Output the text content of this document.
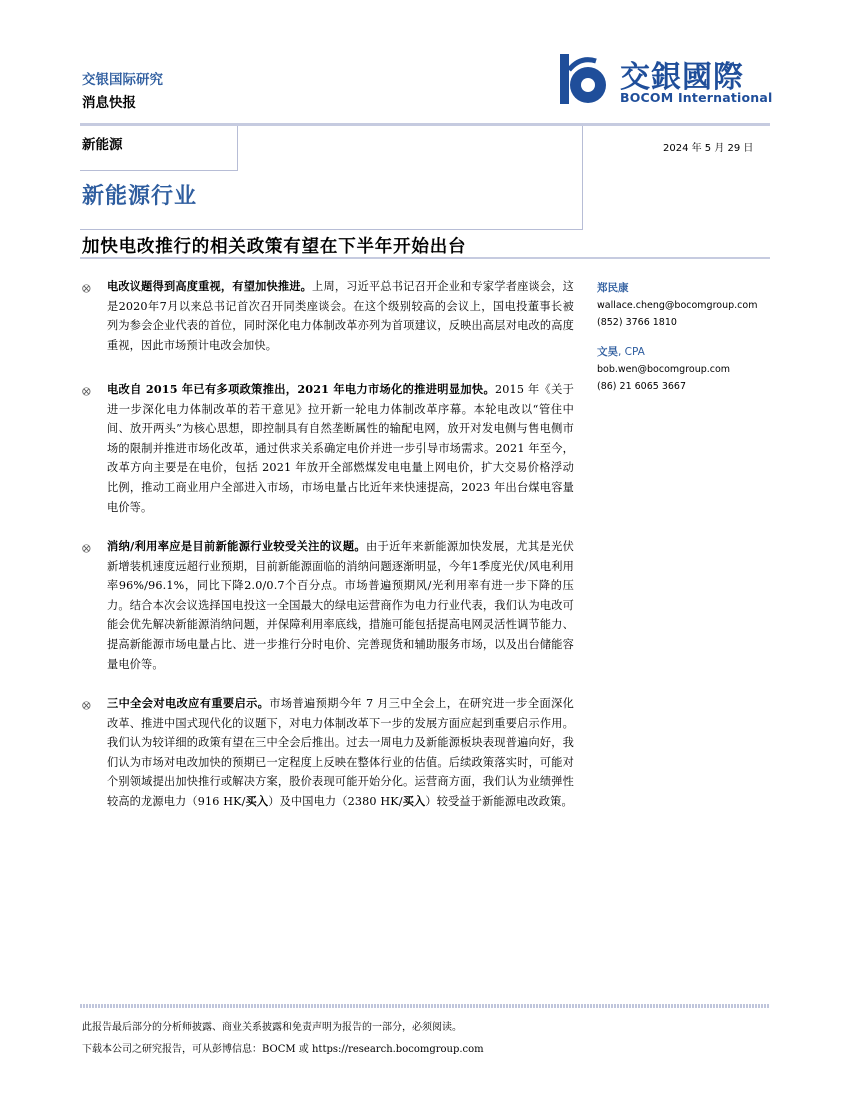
交银国际研究
消息快报
交銀國際
BOCOM International
新能源	2024 年 5 月 29 日
新能源行业
加快电改推行的相关政策有望在下半年开始出台
⭙ 电改议题得到高度重视，有望加快推进。上周，习近平总书记召开企业和专家学者座谈会，这是2020年7月以来总书记首次召开同类座谈会。在这个级别较高的会议上，国电投董事长被列为参会企业代表的首位，同时深化电力体制改革亦列为首项建议，反映出高层对电改的高度重视，因此市场预计电改会加快。
⭙ 电改自 2015 年已有多项政策推出，2021 年电力市场化的推进明显加快。2015 年《关于进一步深化电力体制改革的若干意见》拉开新一轮电力体制改革序幕。本轮电改以“管住中间、放开两头”为核心思想，即控制具有自然垄断属性的输配电网，放开对发电侧与售电侧市场的限制并推进市场化改革，通过供求关系确定电价并进一步引导市场需求。2021 年至今，改革方向主要是在电价，包括 2021 年放开全部燃煤发电电量上网电价，扩大交易价格浮动比例，推动工商业用户全部进入市场，市场电量占比近年来快速提高，2023 年出台煤电容量电价等。
⭙ 消纳/利用率应是目前新能源行业较受关注的议题。由于近年来新能源加快发展，尤其是光伏新增装机速度远超行业预期，目前新能源面临的消纳问题逐渐明显，今年1季度光伏/风电利用率96%/96.1%，同比下降2.0/0.7个百分点。市场普遍预期风/光利用率有进一步下降的压力。结合本次会议选择国电投这一全国最大的绿电运营商作为电力行业代表，我们认为电改可能会优先解决新能源消纳问题，并保障利用率底线，措施可能包括提高电网灵活性调节能力、提高新能源市场电量占比、进一步推行分时电价、完善现货和辅助服务市场，以及出台储能容量电价等。
⭙ 三中全会对电改应有重要启示。市场普遍预期今年 7 月三中全会上，在研究进一步全面深化改革、推进中国式现代化的议题下，对电力体制改革下一步的发展方面应起到重要启示作用。我们认为较详细的政策有望在三中全会后推出。过去一周电力及新能源板块表现普遍向好，我们认为市场对电改加快的预期已一定程度上反映在整体行业的估值。后续政策落实时，可能对个别领域提出加快推行或解决方案，股价表现可能开始分化。运营商方面，我们认为业绩弹性较高的龙源电力（916 HK/买入）及中国电力（2380 HK/买入）较受益于新能源电改政策。
郑民康
wallace.cheng@bocomgroup.com
(852) 3766 1810
文昊, CPA
bob.wen@bocomgroup.com
(86) 21 6065 3667
此报告最后部分的分析师披露、商业关系披露和免责声明为报告的一部分，必须阅读。
下载本公司之研究报告，可从彭博信息：BOCM 或 https://research.bocomgroup.com
